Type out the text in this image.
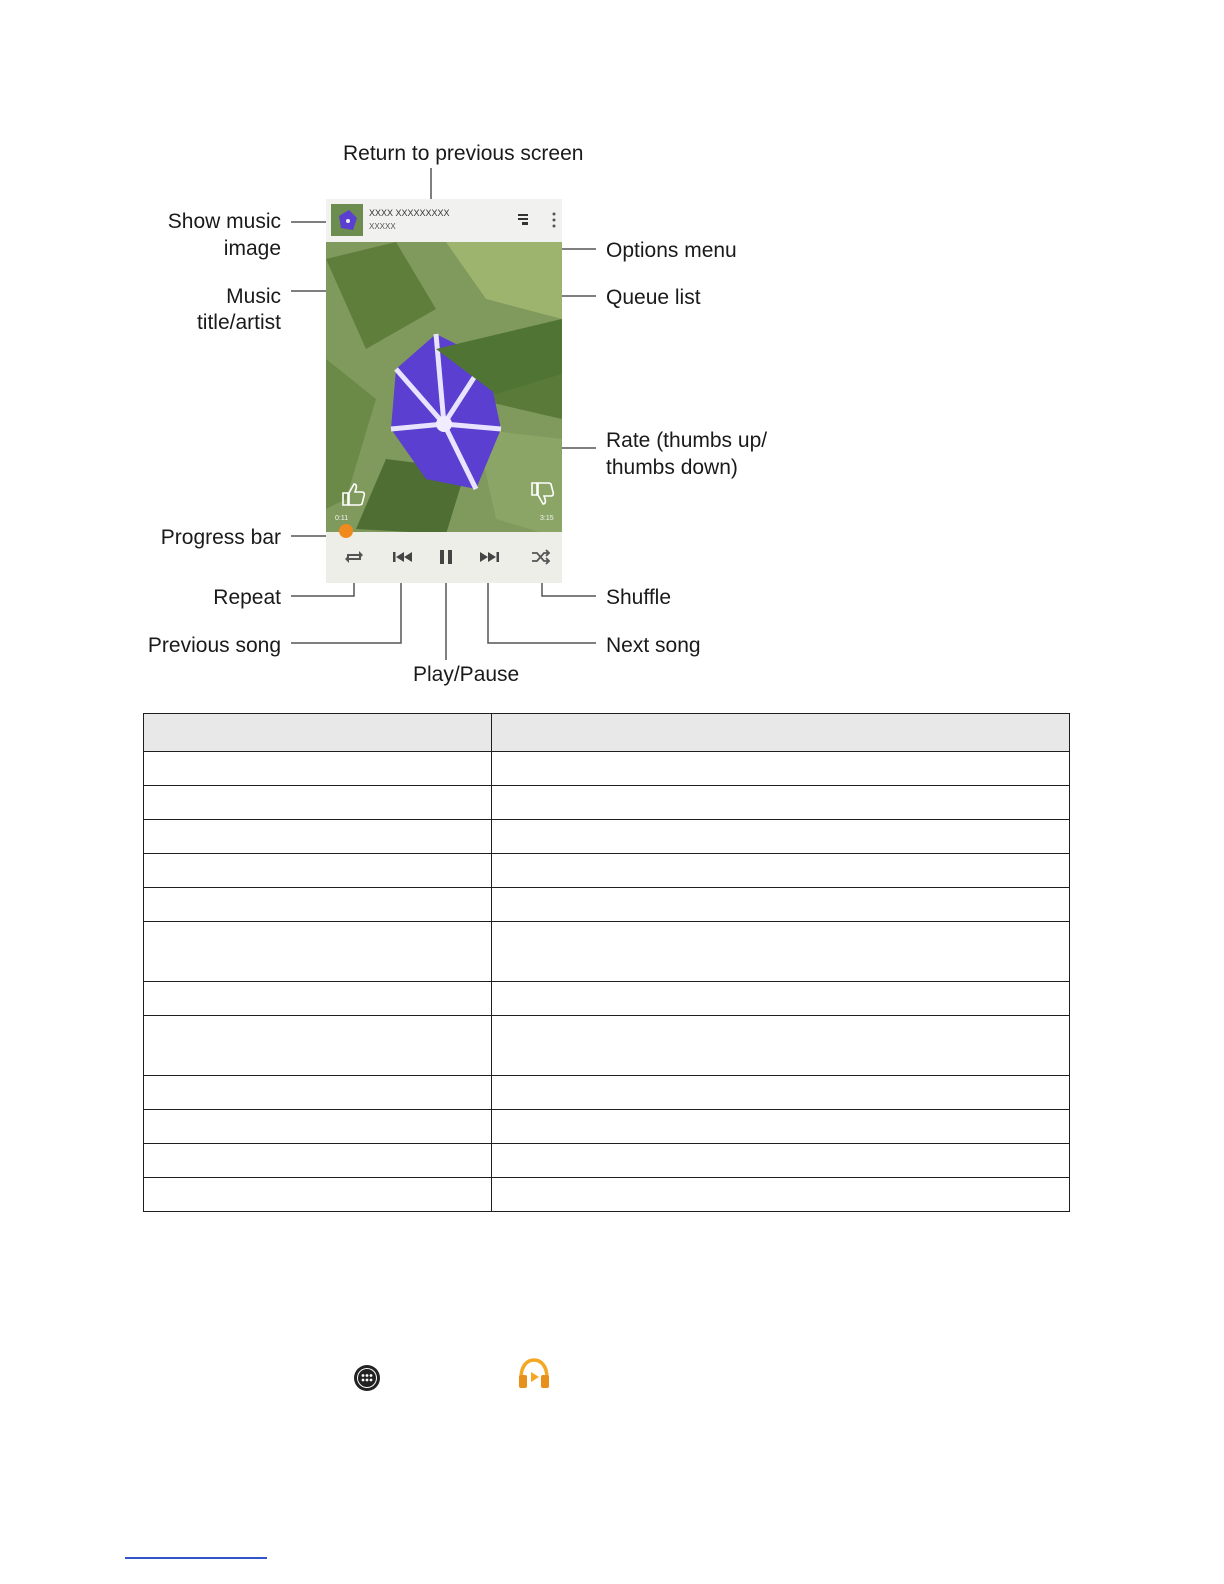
Return to previous screen
Show music
image
Music
title/artist
Options menu
Queue list
Rate (thumbs up/
thumbs down)
Progress bar
Repeat
Previous song
Play/Pause
Next song
Shuffle
XXXX XXXXXXXXX
XXXXX
0:11	3:15
